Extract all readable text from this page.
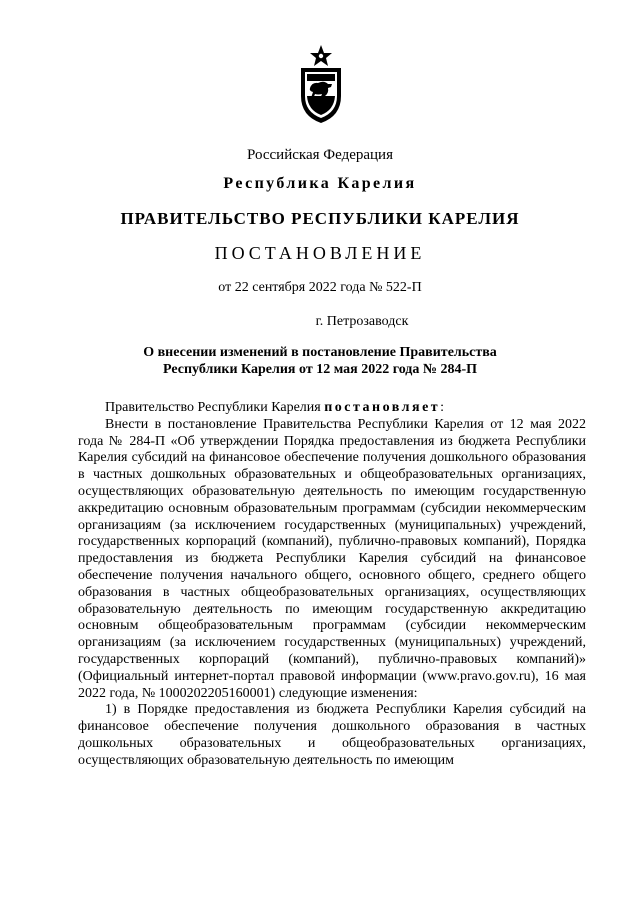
Российская Федерация
Республика Карелия
ПРАВИТЕЛЬСТВО РЕСПУБЛИКИ КАРЕЛИЯ
ПОСТАНОВЛЕНИЕ
от 22 сентября 2022 года № 522-П
г. Петрозаводск
О внесении изменений в постановление Правительства
Республики Карелия от 12 мая 2022 года № 284-П

Правительство Республики Карелия постановляет:

Внести в постановление Правительства Республики Карелия от 12 мая 2022 года № 284-П «Об утверждении Порядка предоставления из бюджета Республики Карелия субсидий на финансовое обеспечение получения дошкольного образования в частных дошкольных образовательных и общеобразовательных организациях, осуществляющих образовательную деятельность по имеющим государственную аккредитацию основным образовательным программам (субсидии некоммерческим организациям (за исключением государственных (муниципальных) учреждений, государственных корпораций (компаний), публично-правовых компаний), Порядка предоставления из бюджета Республики Карелия субсидий на финансовое обеспечение получения начального общего, основного общего, среднего общего образования в частных общеобразовательных организациях, осуществляющих образовательную деятельность по имеющим государственную аккредитацию основным общеобразовательным программам (субсидии некоммерческим организациям (за исключением государственных (муниципальных) учреждений, государственных корпораций (компаний), публично-правовых компаний)» (Официальный интернет-портал правовой информации (www.pravo.gov.ru), 16 мая 2022 года, № 1000202205160001) следующие изменения:

1) в Порядке предоставления из бюджета Республики Карелия субсидий на финансовое обеспечение получения дошкольного образования в частных дошкольных образовательных и общеобразовательных организациях, осуществляющих образовательную деятельность по имеющим
